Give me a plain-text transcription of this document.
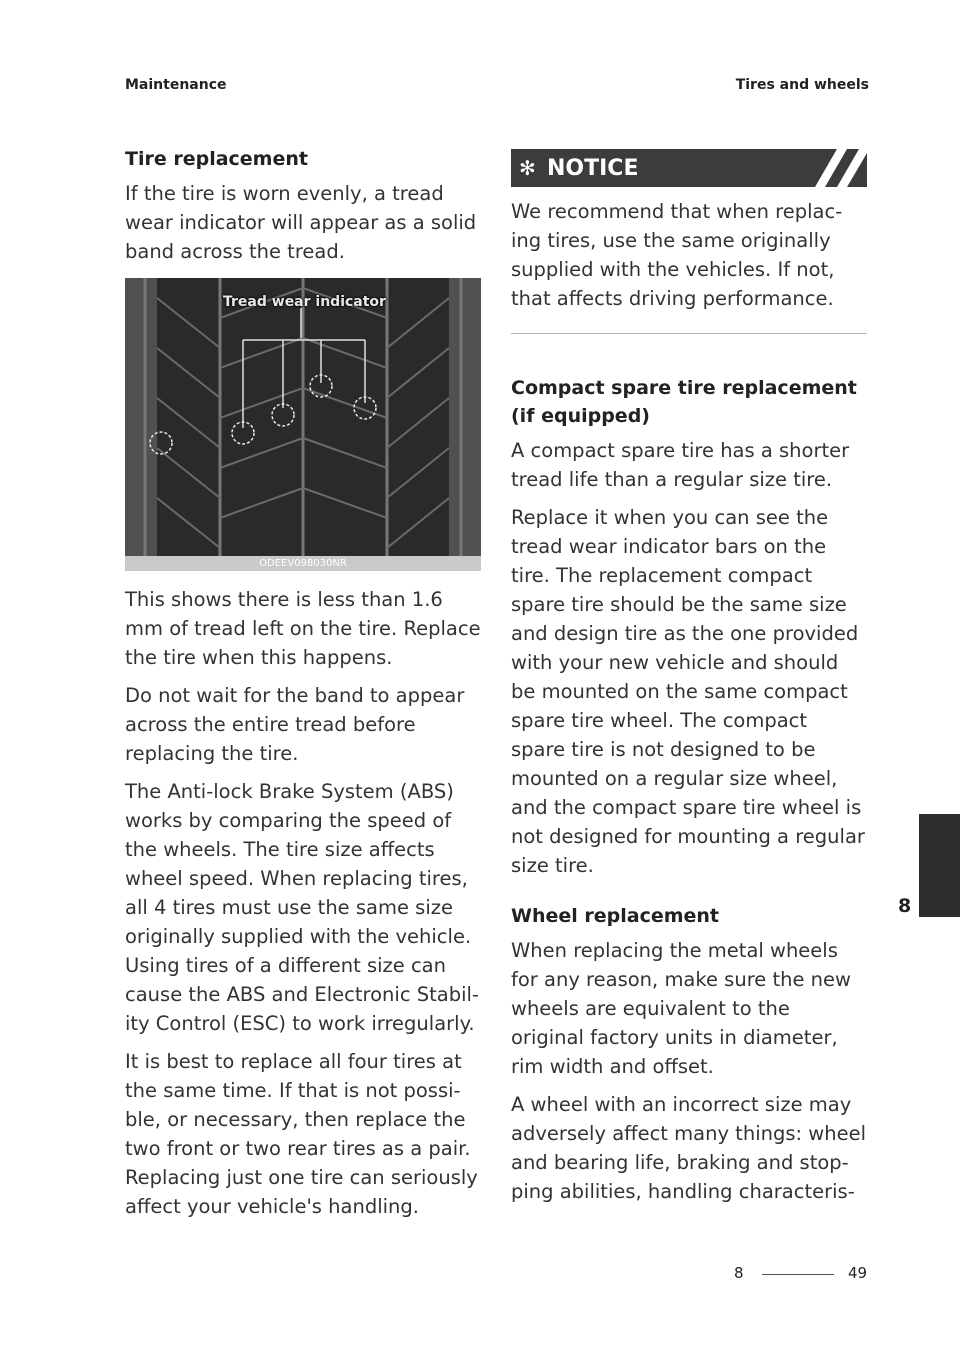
Maintenance	Tires and wheels
Tire replacement

If the tire is worn evenly, a tread wear indicator will appear as a solid band across the tread.

Tread wear indicator
ODEEV098030NR

This shows there is less than 1.6 mm of tread left on the tire. Replace the tire when this happens.

Do not wait for the band to appear across the entire tread before replacing the tire.

The Anti-lock Brake System (ABS) works by comparing the speed of the wheels. The tire size affects wheel speed. When replacing tires, all 4 tires must use the same size originally supplied with the vehicle. Using tires of a different size can cause the ABS and Electronic Stabil-ity Control (ESC) to work irregularly.

It is best to replace all four tires at the same time. If that is not possi-ble, or necessary, then replace the two front or two rear tires as a pair. Replacing just one tire can seriously affect your vehicle's handling.

✻ NOTICE

We recommend that when replac-ing tires, use the same originally supplied with the vehicles. If not, that affects driving performance.

Compact spare tire replacement (if equipped)

A compact spare tire has a shorter tread life than a regular size tire.

Replace it when you can see the tread wear indicator bars on the tire. The replacement compact spare tire should be the same size and design tire as the one provided with your new vehicle and should be mounted on the same compact spare tire wheel. The compact spare tire is not designed to be mounted on a regular size wheel, and the compact spare tire wheel is not designed for mounting a regular size tire.

Wheel replacement

When replacing the metal wheels for any reason, make sure the new wheels are equivalent to the original factory units in diameter, rim width and offset.

A wheel with an incorrect size may adversely affect many things: wheel and bearing life, braking and stop-ping abilities, handling characteris-

8
8	49
